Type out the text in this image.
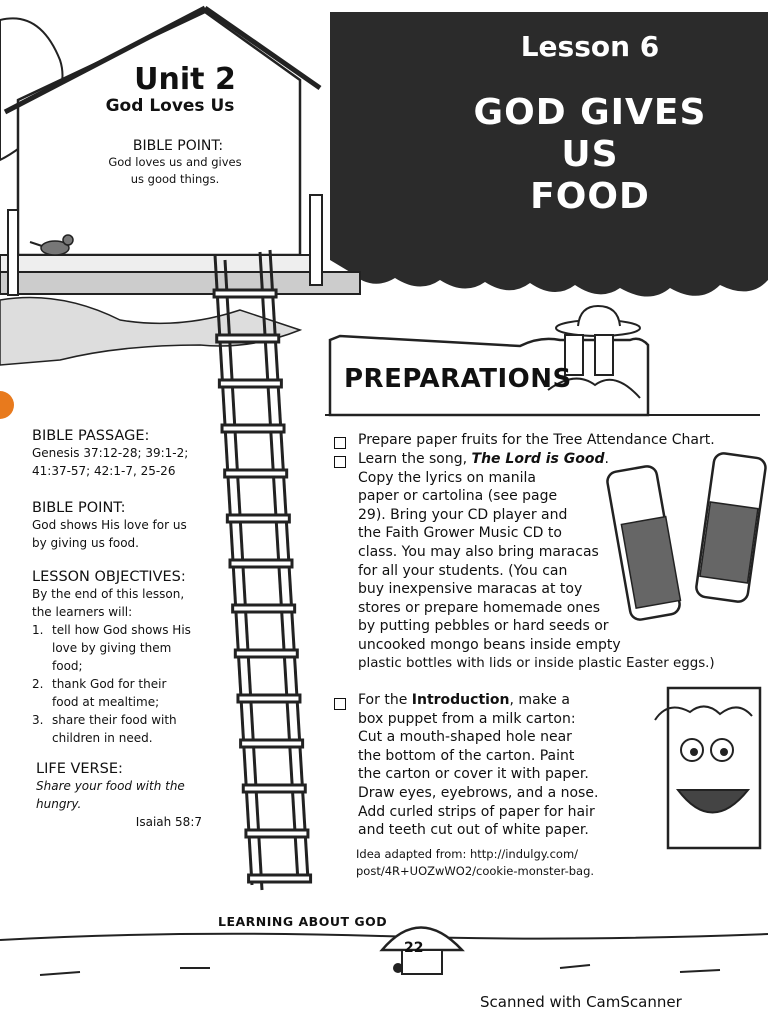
Unit 2
God Loves Us
BIBLE POINT:
God loves us and gives
us good things.
Lesson 6
GOD GIVES US
FOOD
BIBLE PASSAGE:
Genesis 37:12-28; 39:1-2;
41:37-57; 42:1-7, 25-26
BIBLE POINT:
God shows His love for us
by giving us food.
LESSON OBJECTIVES:
By the end of this lesson,
the learners will:
1. tell how God shows His
love by giving them
food;
2. thank God for their
food at mealtime;
3. share their food with
children in need.
LIFE VERSE:
Share your food with the
hungry.
Isaiah 58:7
PREPARATIONS
Prepare paper fruits for the Tree Attendance Chart.
Learn the song, The Lord is Good.
Copy the lyrics on manila
paper or cartolina (see page
29). Bring your CD player and
the Faith Grower Music CD to
class. You may also bring maracas
for all your students. (You can
buy inexpensive maracas at toy
stores or prepare homemade ones
by putting pebbles or hard seeds or
uncooked mongo beans inside empty
plastic bottles with lids or inside plastic Easter eggs.)
For the Introduction, make a
box puppet from a milk carton:
Cut a mouth-shaped hole near
the bottom of the carton. Paint
the carton or cover it with paper.
Draw eyes, eyebrows, and a nose.
Add curled strips of paper for hair
and teeth cut out of white paper.
Idea adapted from: http://indulgy.com/
post/4R+UOZwWO2/cookie-monster-bag.
LEARNING ABOUT GOD
22
Scanned with CamScanner
